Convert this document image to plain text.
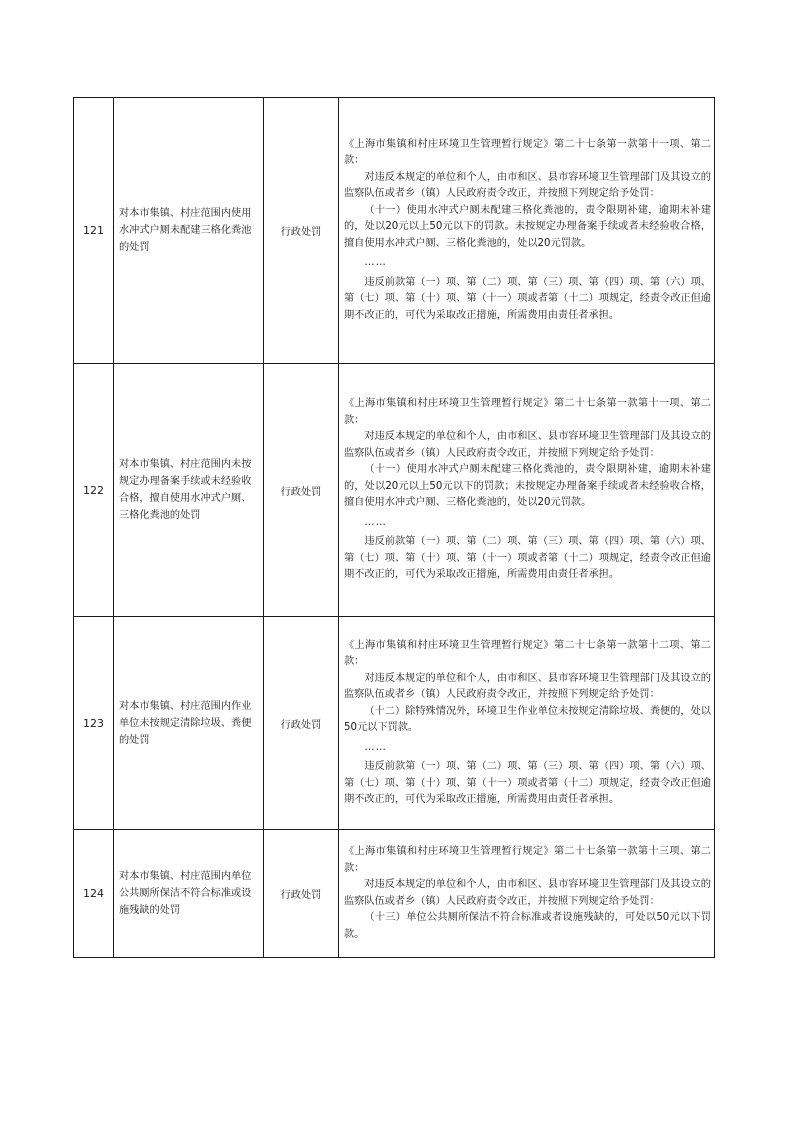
121	对本市集镇、村庄范围内使用水冲式户厕未配建三格化粪池的处罚	行政处罚	《上海市集镇和村庄环境卫生管理暂行规定》第二十七条第一款第十一项、第二款：

对违反本规定的单位和个人，由市和区、县市容环境卫生管理部门及其设立的监察队伍或者乡（镇）人民政府责令改正，并按照下列规定给予处罚：

（十一）使用水冲式户厕未配建三格化粪池的，责令限期补建，逾期未补建的，处以20元以上50元以下的罚款。未按规定办理备案手续或者未经验收合格，擅自使用水冲式户厕、三格化粪池的，处以20元罚款。

……

违反前款第（一）项、第（二）项、第（三）项、第（四）项、第（六）项、第（七）项、第（十）项、第（十一）项或者第（十二）项规定，经责令改正但逾期不改正的，可代为采取改正措施，所需费用由责任者承担。

122	对本市集镇、村庄范围内未按规定办理备案手续或未经验收合格，擅自使用水冲式户厕、三格化粪池的处罚	行政处罚	《上海市集镇和村庄环境卫生管理暂行规定》第二十七条第一款第十一项、第二款：

对违反本规定的单位和个人，由市和区、县市容环境卫生管理部门及其设立的监察队伍或者乡（镇）人民政府责令改正，并按照下列规定给予处罚：

（十一）使用水冲式户厕未配建三格化粪池的，责令限期补建，逾期未补建的，处以20元以上50元以下的罚款；未按规定办理备案手续或者未经验收合格，擅自使用水冲式户厕、三格化粪池的，处以20元罚款。

……

违反前款第（一）项、第（二）项、第（三）项、第（四）项、第（六）项、第（七）项、第（十）项、第（十一）项或者第（十二）项规定，经责令改正但逾期不改正的，可代为采取改正措施，所需费用由责任者承担。

123	对本市集镇、村庄范围内作业单位未按规定清除垃圾、粪便的处罚	行政处罚	《上海市集镇和村庄环境卫生管理暂行规定》第二十七条第一款第十二项、第二款：

对违反本规定的单位和个人，由市和区、县市容环境卫生管理部门及其设立的监察队伍或者乡（镇）人民政府责令改正，并按照下列规定给予处罚：

（十二）除特殊情况外，环境卫生作业单位未按规定清除垃圾、粪便的，处以50元以下罚款。

……

违反前款第（一）项、第（二）项、第（三）项、第（四）项、第（六）项、第（七）项、第（十）项、第（十一）项或者第（十二）项规定，经责令改正但逾期不改正的，可代为采取改正措施，所需费用由责任者承担。

124	对本市集镇、村庄范围内单位公共厕所保洁不符合标准或设施残缺的处罚	行政处罚	《上海市集镇和村庄环境卫生管理暂行规定》第二十七条第一款第十三项、第二款：

对违反本规定的单位和个人，由市和区、县市容环境卫生管理部门及其设立的监察队伍或者乡（镇）人民政府责令改正，并按照下列规定给予处罚：

（十三）单位公共厕所保洁不符合标准或者设施残缺的，可处以50元以下罚款。
